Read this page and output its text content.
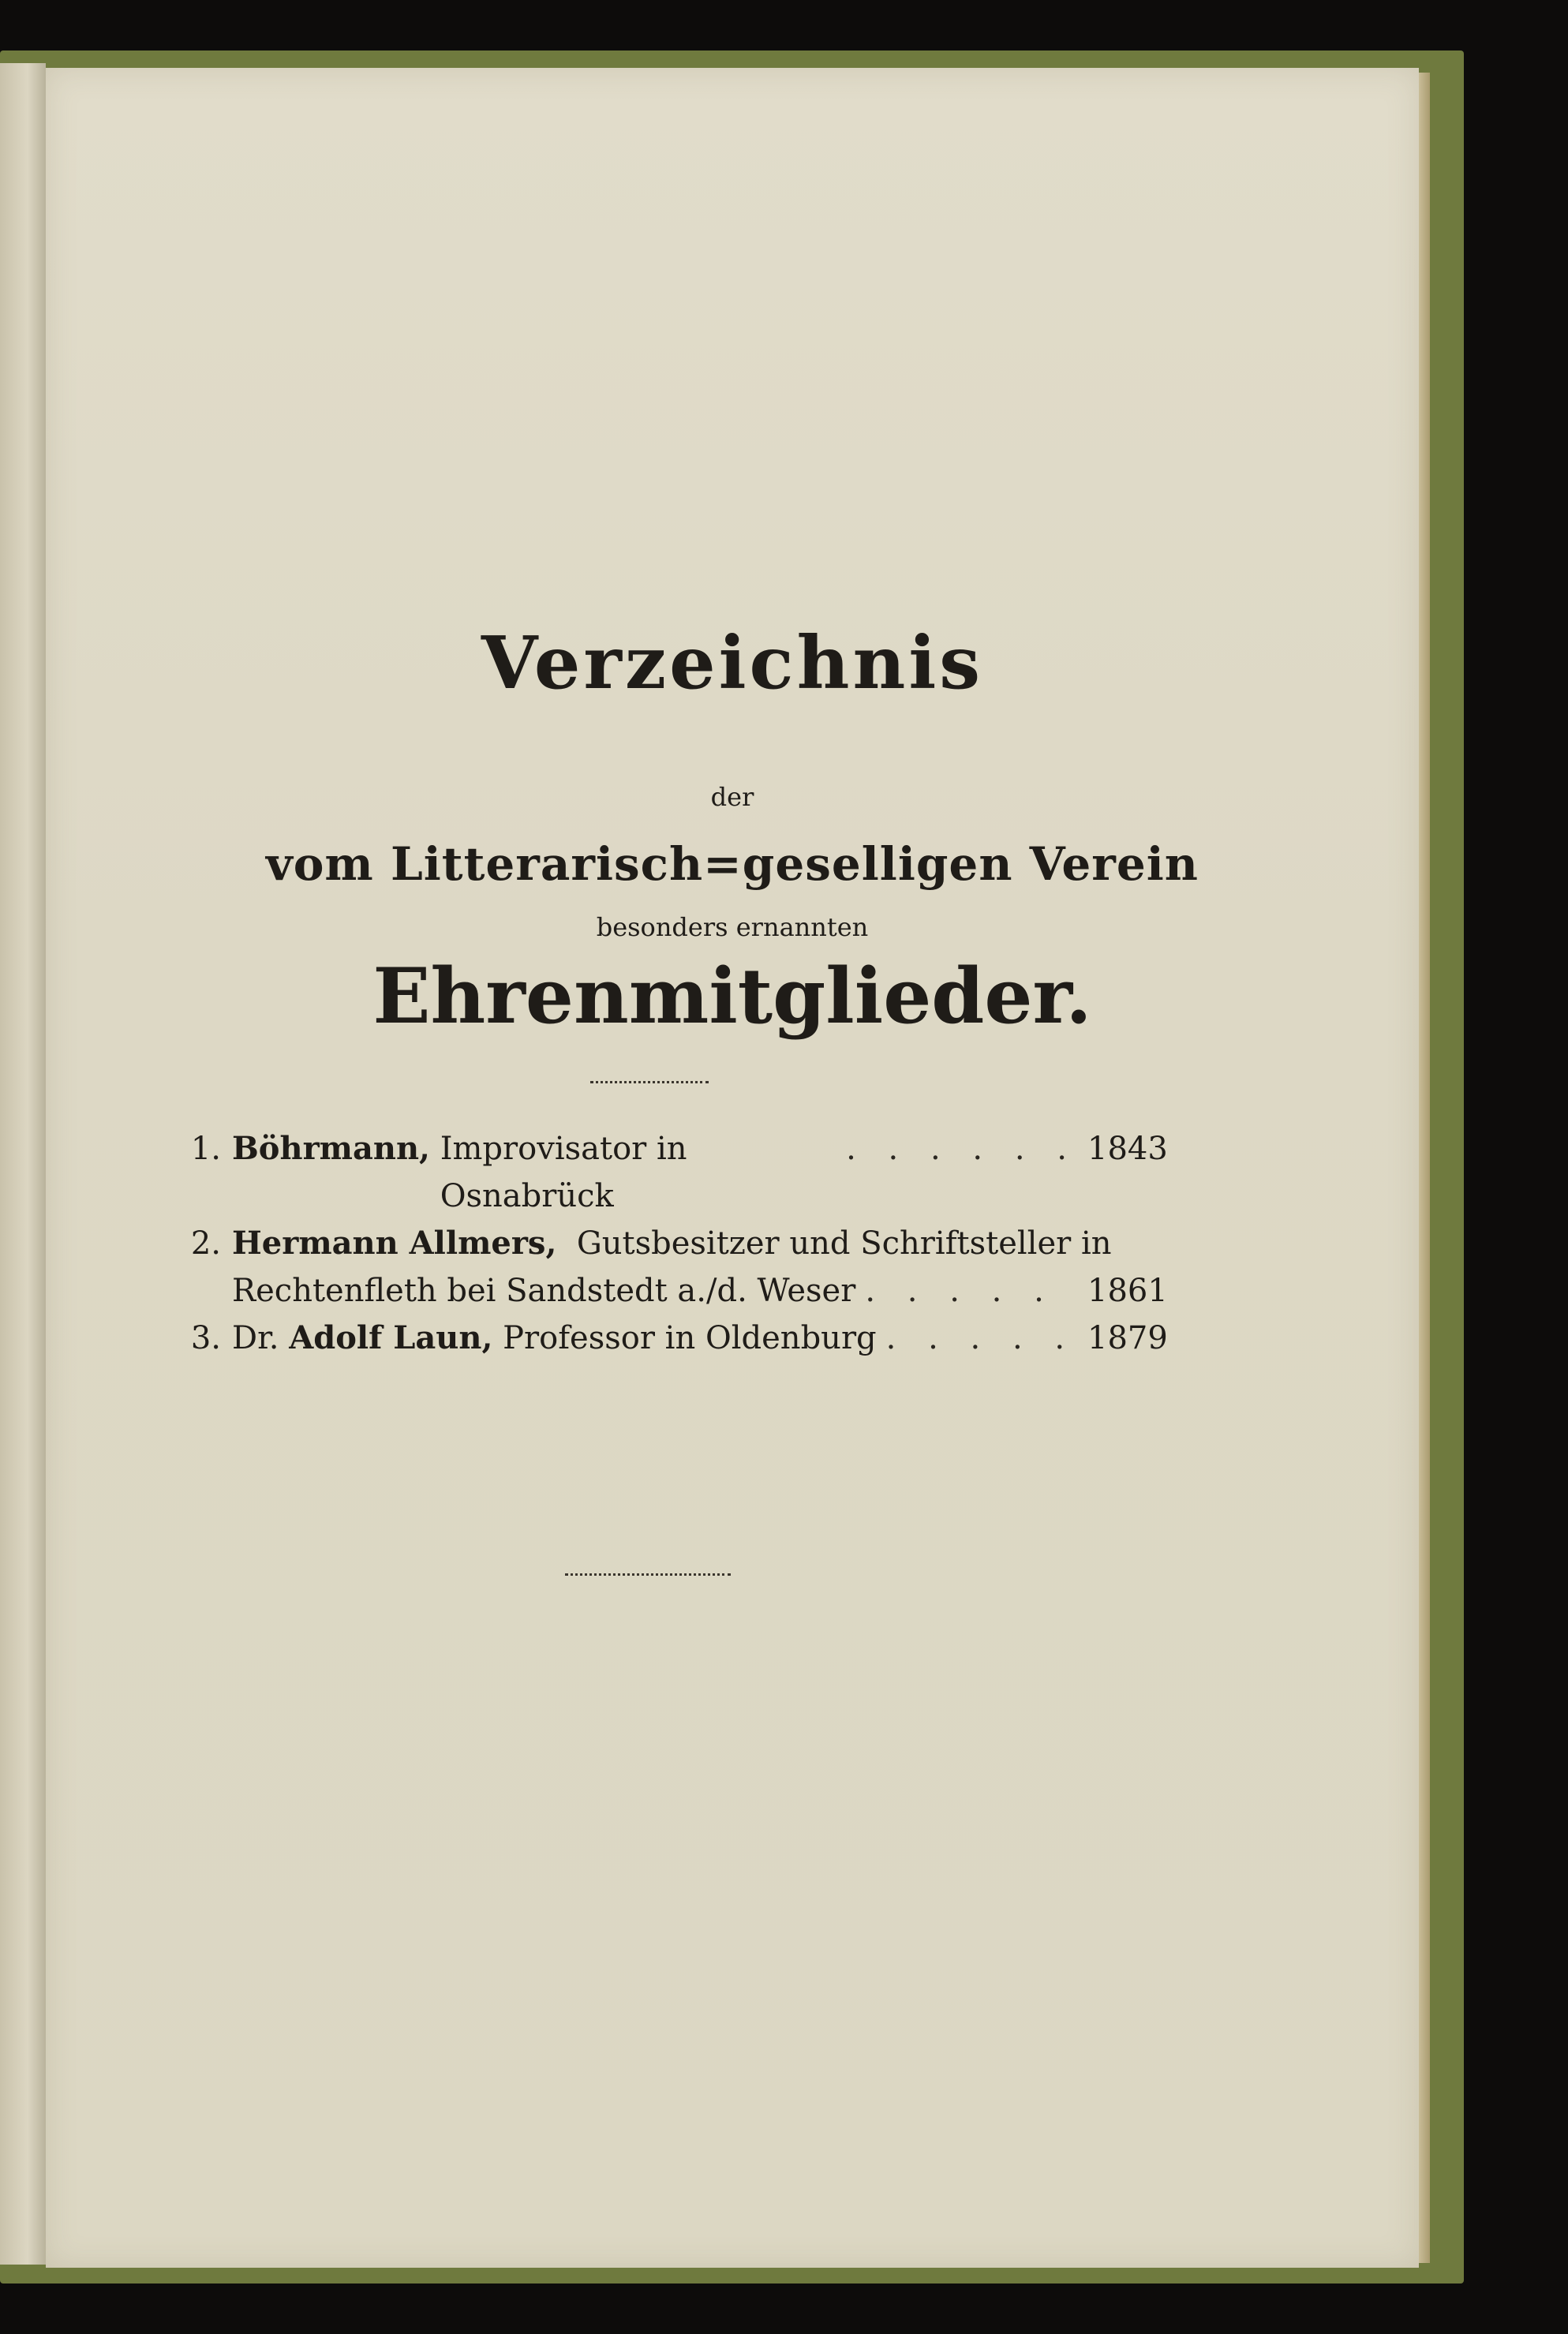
Verzeichnis
der
vom Litterarisch=geselligen Verein
besonders ernannten
Ehrenmitglieder.
1. Böhrmann,
Improvisator in Osnabrück
. . . . . . 1843
2. Hermann Allmers,
Gutsbesitzer und Schriftsteller in
Rechtenfleth bei Sandstedt a./d. Weser . . . . .	1861
3. Dr.
Adolf Laun,
Professor in Oldenburg . . . . . 1879
